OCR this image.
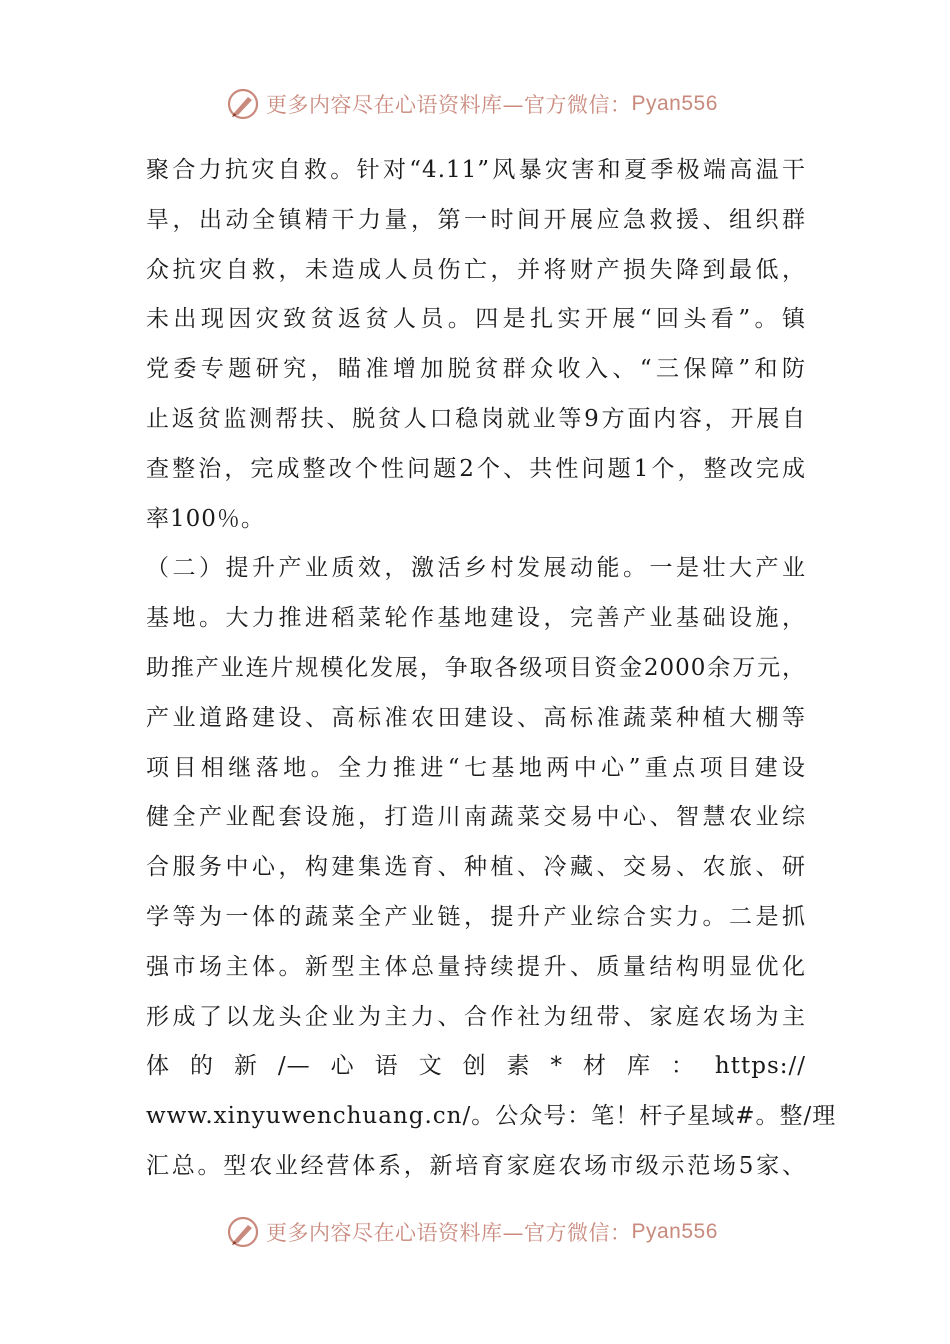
更多内容尽在心语资料库—官方微信： Pyan556
聚合力抗灾自救。针对“4.11”风暴灾害和夏季极端高温干
旱，出动全镇精干力量，第一时间开展应急救援、组织群
众抗灾自救，未造成人员伤亡，并将财产损失降到最低，
未出现因灾致贫返贫人员。四是扎实开展“回头看”。镇
党委专题研究，瞄准增加脱贫群众收入、“三保障”和防
止返贫监测帮扶、脱贫人口稳岗就业等9方面内容，开展自
查整治，完成整改个性问题2个、共性问题1个，整改完成
率100％。
（二）提升产业质效，激活乡村发展动能。一是壮大产业
基地。大力推进稻菜轮作基地建设，完善产业基础设施，
助推产业连片规模化发展，争取各级项目资金2000余万元，
产业道路建设、高标准农田建设、高标准蔬菜种植大棚等
项目相继落地。全力推进“七基地两中心”重点项目建设
健全产业配套设施，打造川南蔬菜交易中心、智慧农业综
合服务中心，构建集选育、种植、冷藏、交易、农旅、研
学等为一体的蔬菜全产业链，提升产业综合实力。二是抓
强市场主体。新型主体总量持续提升、质量结构明显优化
形成了以龙头企业为主力、合作社为纽带、家庭农场为主
体的新/—心语文创素*材库：https://
www.xinyuwenchuang.cn/。公众号：笔！杆子星域#。整/理
汇总。型农业经营体系，新培育家庭农场市级示范场5家、
更多内容尽在心语资料库—官方微信： Pyan556
